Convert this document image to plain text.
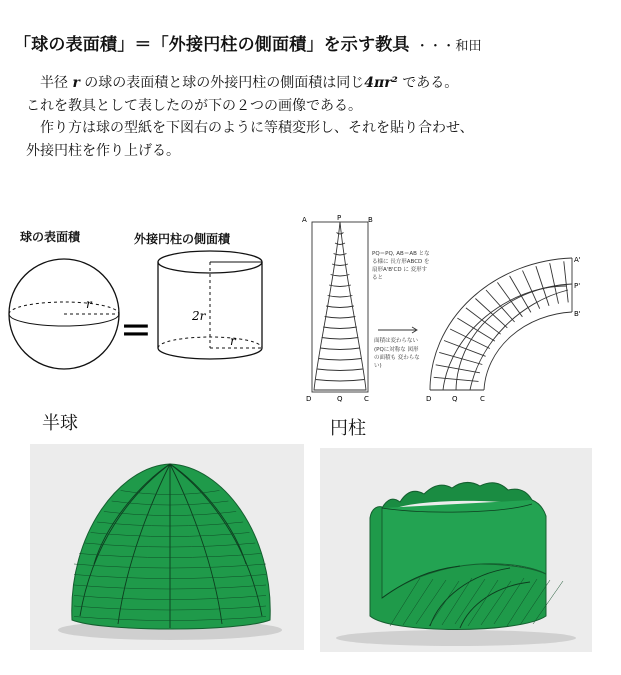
「球の表面積」＝「外接円柱の側面積」を示す教具 ・・・和田

半径 r の球の表面積と球の外接円柱の側面積は同じ4πr² である。

これを教具として表したのが下の２つの画像である。

作り方は球の型紙を下図右のように等積変形し、それを貼り合わせ、

外接円柱を作り上げる。

球の表面積	外接円柱の側面積
r
=	2r
r
A	P	B
D	Q	C
PQ＝PQ, AB＝AB となる様に 長方形ABCD を 扇形A'B'CD に 変形すると
面積は変わらない
(PQに対称な 図形の面積も 変わらない)
A'
P'
B'
D	Q	C
半球	円柱
